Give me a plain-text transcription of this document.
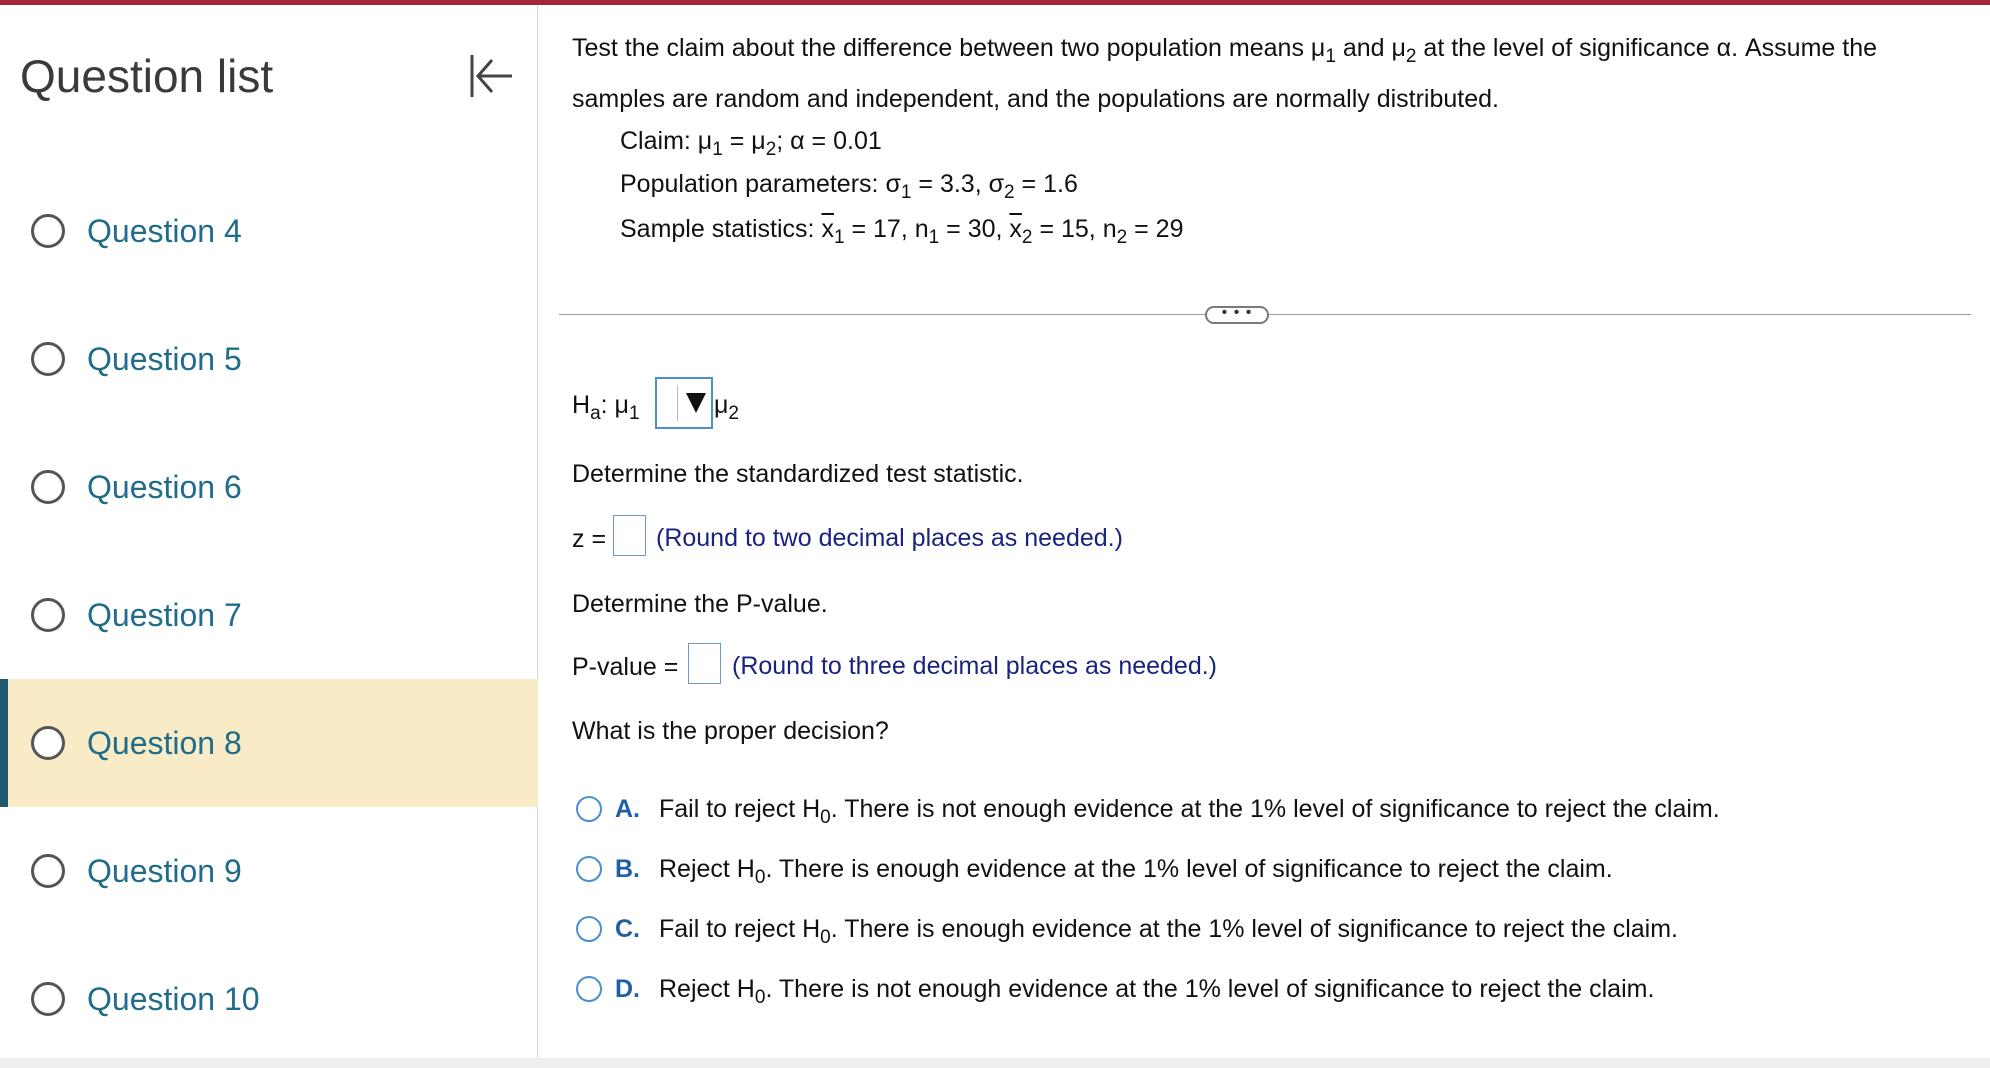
Question list
Question 4
Question 5
Question 6
Question 7
Question 8
Question 9
Question 10
Test the claim about the difference between two population means $\mu_1$ and $\mu_2$ at the level of significance α. Assume the samples are random and independent, and the populations are normally distributed.
Claim: $\mu_1 = \mu_2$; α = 0.01
Population parameters: $\sigma_1 = 3.3$, $\sigma_2 = 1.6$
Sample statistics: $\overline{x}_1 = 17$, $n_1 = 30$, $\overline{x}_2 = 15$, $n_2 = 29$
• • •
$H_a$: $\mu_1$	$\mu_2$
Determine the standardized test statistic.
z = (Round to two decimal places as needed.)
Determine the P-value.
P-value = (Round to three decimal places as needed.)
What is the proper decision?
A. Fail to reject $H_0$. There is not enough evidence at the 1% level of significance to reject the claim.
B. Reject $H_0$. There is enough evidence at the 1% level of significance to reject the claim.
C. Fail to reject $H_0$. There is enough evidence at the 1% level of significance to reject the claim.
D. Reject $H_0$. There is not enough evidence at the 1% level of significance to reject the claim.
